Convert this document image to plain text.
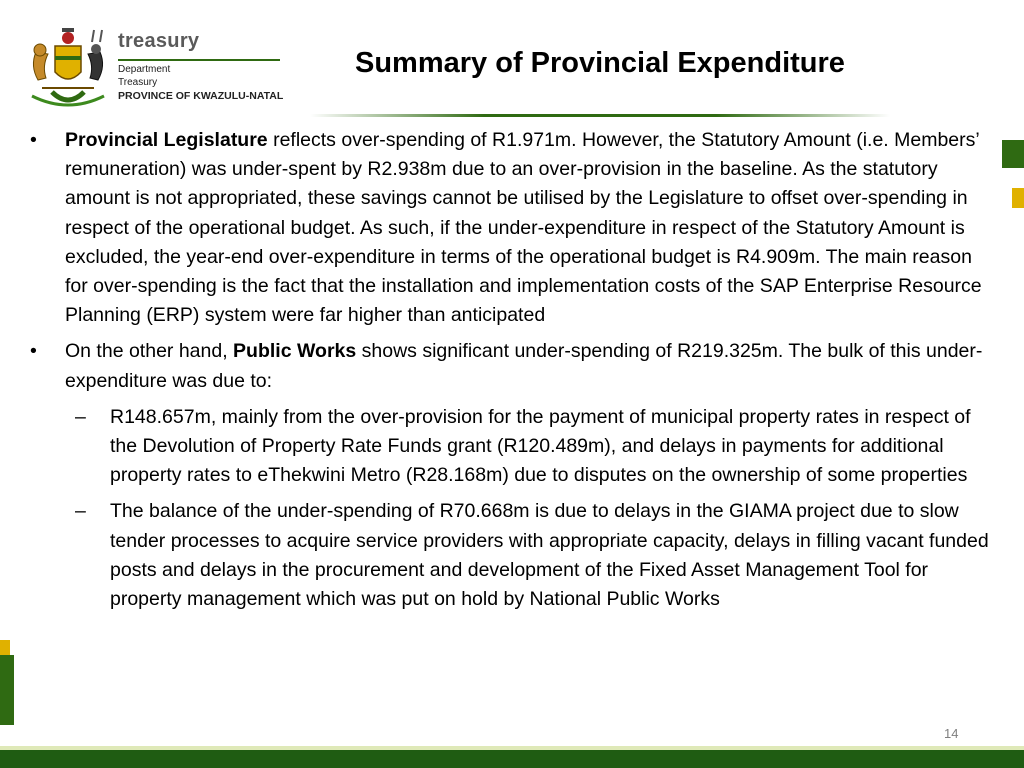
treasury
Department
Treasury
PROVINCE OF KWAZULU-NATAL
Summary of Provincial Expenditure
•	Provincial Legislature reflects over-spending of R1.971m. However, the Statutory Amount (i.e. Members’ remuneration) was under-spent by R2.938m due to an over-provision in the baseline. As the statutory amount is not appropriated, these savings cannot be utilised by the Legislature to offset over-spending in respect of the operational budget. As such, if the under-expenditure in respect of the Statutory Amount is excluded, the year-end over-expenditure in terms of the operational budget is R4.909m. The main reason for over-spending is the fact that the installation and implementation costs of the SAP Enterprise Resource Planning (ERP) system were far higher than anticipated
•	On the other hand, Public Works shows significant under-spending of R219.325m. The bulk of this under-expenditure was due to:
–	R148.657m, mainly from the over-provision for the payment of municipal property rates in respect of the Devolution of Property Rate Funds grant (R120.489m), and delays in payments for additional property rates to eThekwini Metro (R28.168m) due to disputes on the ownership of some properties
–	The balance of the under-spending of R70.668m is due to delays in the GIAMA project due to slow tender processes to acquire service providers with appropriate capacity, delays in filling vacant funded posts and delays in the procurement and development of the Fixed Asset Management Tool for property management which was put on hold by National Public Works
14
